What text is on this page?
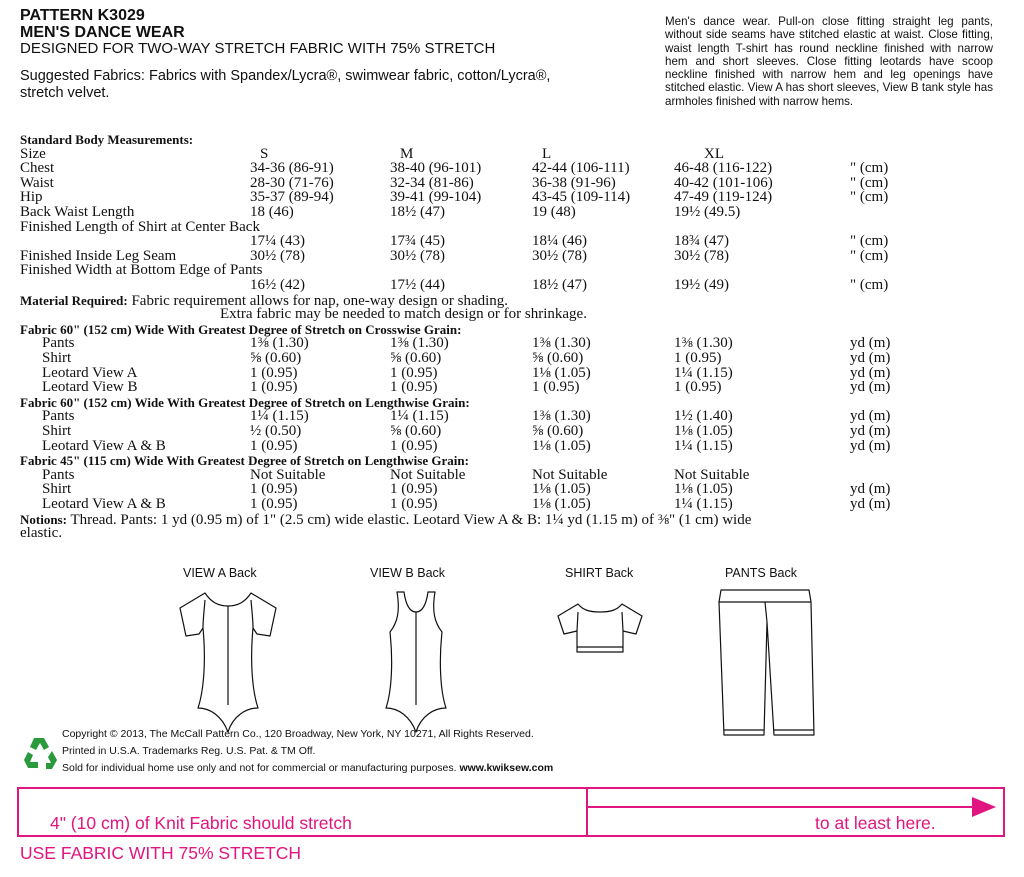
PATTERN K3029
MEN'S DANCE WEAR
DESIGNED FOR TWO-WAY STRETCH FABRIC WITH 75% STRETCH
Suggested Fabrics: Fabrics with Spandex/Lycra®, swimwear fabric, cotton/Lycra®, stretch velvet.
Men's dance wear. Pull-on close fitting straight leg pants, without side seams have stitched elastic at waist. Close fitting, waist length T-shirt has round neckline finished with narrow hem and short sleeves. Close fitting leotards have scoop neckline finished with narrow hem and leg openings have stitched elastic. View A has short sleeves, View B tank style has armholes finished with narrow hems.
Standard Body Measurements:
Size	S	M	L	XL
Chest	34-36 (86-91)	38-40 (96-101)	42-44 (106-111)	46-48 (116-122)	" (cm)
Waist	28-30 (71-76)	32-34 (81-86)	36-38 (91-96)	40-42 (101-106)	" (cm)
Hip	35-37 (89-94)	39-41 (99-104)	43-45 (109-114)	47-49 (119-124)	" (cm)
Back Waist Length	18 (46)	18½ (47)	19 (48)	19½ (49.5)
Finished Length of Shirt at Center Back
17¼ (43)	17¾ (45)	18¼ (46)	18¾ (47)	" (cm)
Finished Inside Leg Seam	30½ (78)	30½ (78)	30½ (78)	30½ (78)	" (cm)
Finished Width at Bottom Edge of Pants
16½ (42)	17½ (44)	18½ (47)	19½ (49)	" (cm)
Material Required: Fabric requirement allows for nap, one-way design or shading.
Extra fabric may be needed to match design or for shrinkage.
Fabric 60" (152 cm) Wide With Greatest Degree of Stretch on Crosswise Grain:
Pants	1⅜ (1.30)	1⅜ (1.30)	1⅜ (1.30)	1⅜ (1.30)	yd (m)
Shirt	⅝ (0.60)	⅝ (0.60)	⅝ (0.60)	1 (0.95)	yd (m)
Leotard View A	1 (0.95)	1 (0.95)	1⅛ (1.05)	1¼ (1.15)	yd (m)
Leotard View B	1 (0.95)	1 (0.95)	1 (0.95)	1 (0.95)	yd (m)
Fabric 60" (152 cm) Wide With Greatest Degree of Stretch on Lengthwise Grain:
Pants	1¼ (1.15)	1¼ (1.15)	1⅜ (1.30)	1½ (1.40)	yd (m)
Shirt	½ (0.50)	⅝ (0.60)	⅝ (0.60)	1⅛ (1.05)	yd (m)
Leotard View A & B	1 (0.95)	1 (0.95)	1⅛ (1.05)	1¼ (1.15)	yd (m)
Fabric 45" (115 cm) Wide With Greatest Degree of Stretch on Lengthwise Grain:
Pants	Not Suitable	Not Suitable	Not Suitable	Not Suitable
Shirt	1 (0.95)	1 (0.95)	1⅛ (1.05)	1⅛ (1.05)	yd (m)
Leotard View A & B	1 (0.95)	1 (0.95)	1⅛ (1.05)	1¼ (1.15)	yd (m)
Notions: Thread. Pants: 1 yd (0.95 m) of 1" (2.5 cm) wide elastic. Leotard View A & B: 1¼ yd (1.15 m) of ⅜" (1 cm) wide
elastic.
VIEW A Back	VIEW B Back	SHIRT Back	PANTS Back
Copyright © 2013, The McCall Pattern Co., 120 Broadway, New York, NY 10271, All Rights Reserved.
Printed in U.S.A. Trademarks Reg. U.S. Pat. & TM Off.
Sold for individual home use only and not for commercial or manufacturing purposes. www.kwiksew.com
4" (10 cm) of Knit Fabric should stretch	to at least here.
USE FABRIC WITH 75% STRETCH
